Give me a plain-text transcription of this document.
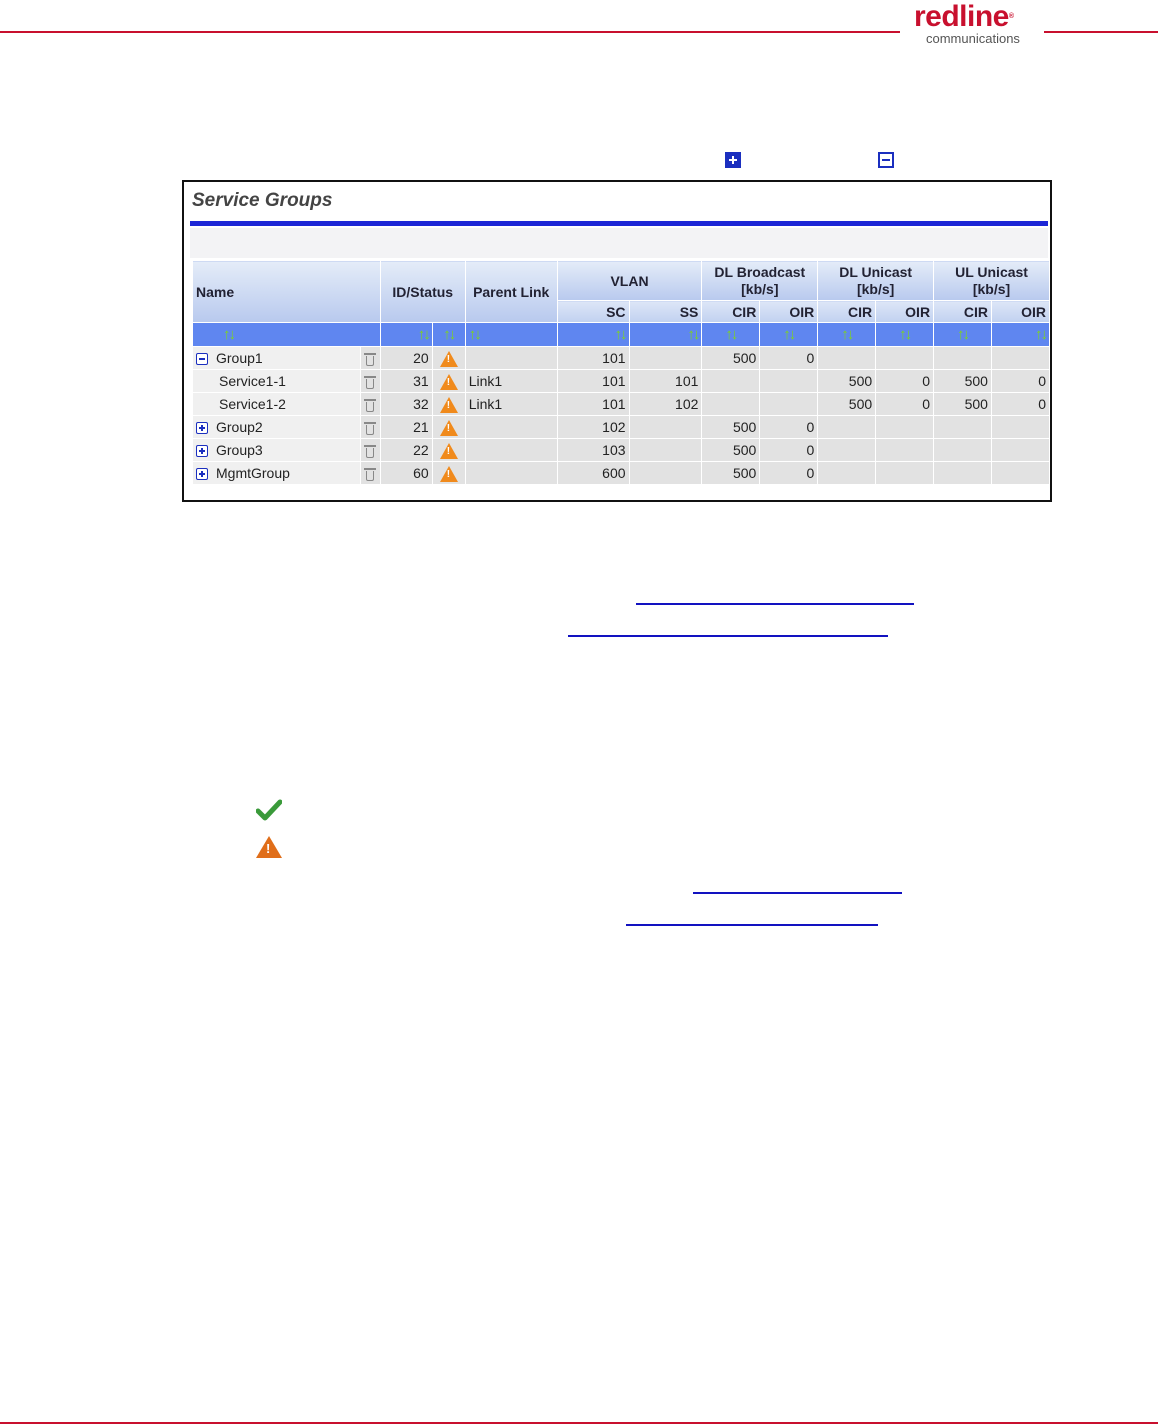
redline®
communications
Service Groups
Name		ID/Status		Parent Link	VLAN		DL Broadcast [kb/s]		DL Unicast [kb/s]		UL Unicast [kb/s]	
					SC	SS	CIR	OIR	CIR	OIR	CIR	OIR
↑↓		↑↓	↑↓	↑↓	↑↓	↑↓	↑↓	↑↓	↑↓	↑↓	↑↓	↑↓
Group1		20	!		101		500	0				
Service1-1		31	!	Link1	101	101			500	0	500	0
Service1-2		32	!	Link1	101	102			500	0	500	0
Group2		21	!		102		500	0				
Group3		22	!		103		500	0				
MgmtGroup		60	!		600		500	0				
!
